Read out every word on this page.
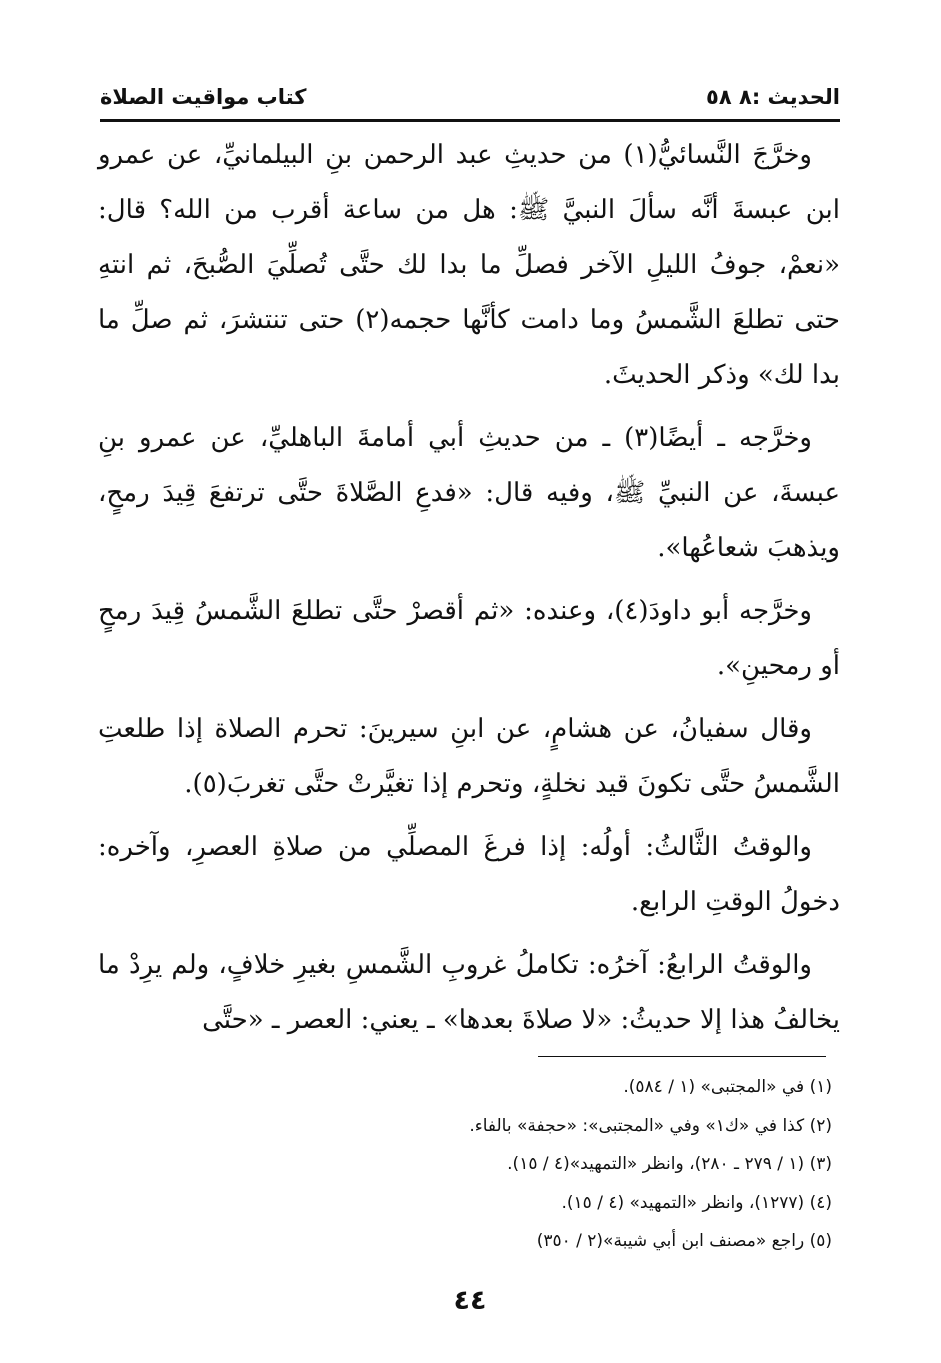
الحديث :٨ ٥٨
كتاب مواقيت الصلاة

وخرَّجَ النَّسائيُّ(١) من حديثِ عبد الرحمن بنِ البيلمانيِّ، عن عمرو ابن عبسةَ أنَّه سألَ النبيَّ ﷺ: هل من ساعة أقرب من الله؟ قال: «نعمْ، جوفُ الليلِ الآخر فصلِّ ما بدا لك حتَّى تُصلِّيَ الصُّبحَ، ثم انتهِ حتى تطلعَ الشَّمسُ وما دامت كأنَّها حجمه(٢) حتى تنتشرَ، ثم صلِّ ما بدا لك» وذكر الحديثَ.

وخرَّجه ـ أيضًا(٣) ـ من حديثِ أبي أمامةَ الباهليِّ، عن عمرو بنِ عبسةَ، عن النبيِّ ﷺ، وفيه قال: «فدعِ الصَّلاةَ حتَّى ترتفعَ قِيدَ رمحٍ، ويذهبَ شعاعُها».

وخرَّجه أبو داودَ(٤)، وعنده: «ثم أقصرْ حتَّى تطلعَ الشَّمسُ قِيدَ رمحٍ أو رمحينِ».

وقال سفيانُ، عن هشامٍ، عن ابنِ سيرينَ: تحرم الصلاة إذا طلعتِ الشَّمسُ حتَّى تكونَ قيد نخلةٍ، وتحرم إذا تغيَّرتْ حتَّى تغربَ(٥).

والوقتُ الثَّالثُ: أولُه: إذا فرغَ المصلِّي من صلاةِ العصرِ، وآخره: دخولُ الوقتِ الرابع.

والوقتُ الرابعُ: آخرُه: تكاملُ غروبِ الشَّمسِ بغيرِ خلافٍ، ولم يرِدْ ما يخالفُ هذا إلا حديثُ: «لا صلاةَ بعدها» ـ يعني: العصر ـ «حتَّى

(١) في «المجتبى» (١ / ٥٨٤).
(٢) كذا في «ك١» وفي «المجتبى»: «حجفة» بالفاء.
(٣) (١ / ٢٧٩ ـ ٢٨٠)، وانظر «التمهيد»(٤ / ١٥).
(٤) (١٢٧٧)، وانظر «التمهيد» (٤ / ١٥).
(٥) راجع «مصنف ابن أبي شيبة»(٢ / ٣٥٠)
٤٤
